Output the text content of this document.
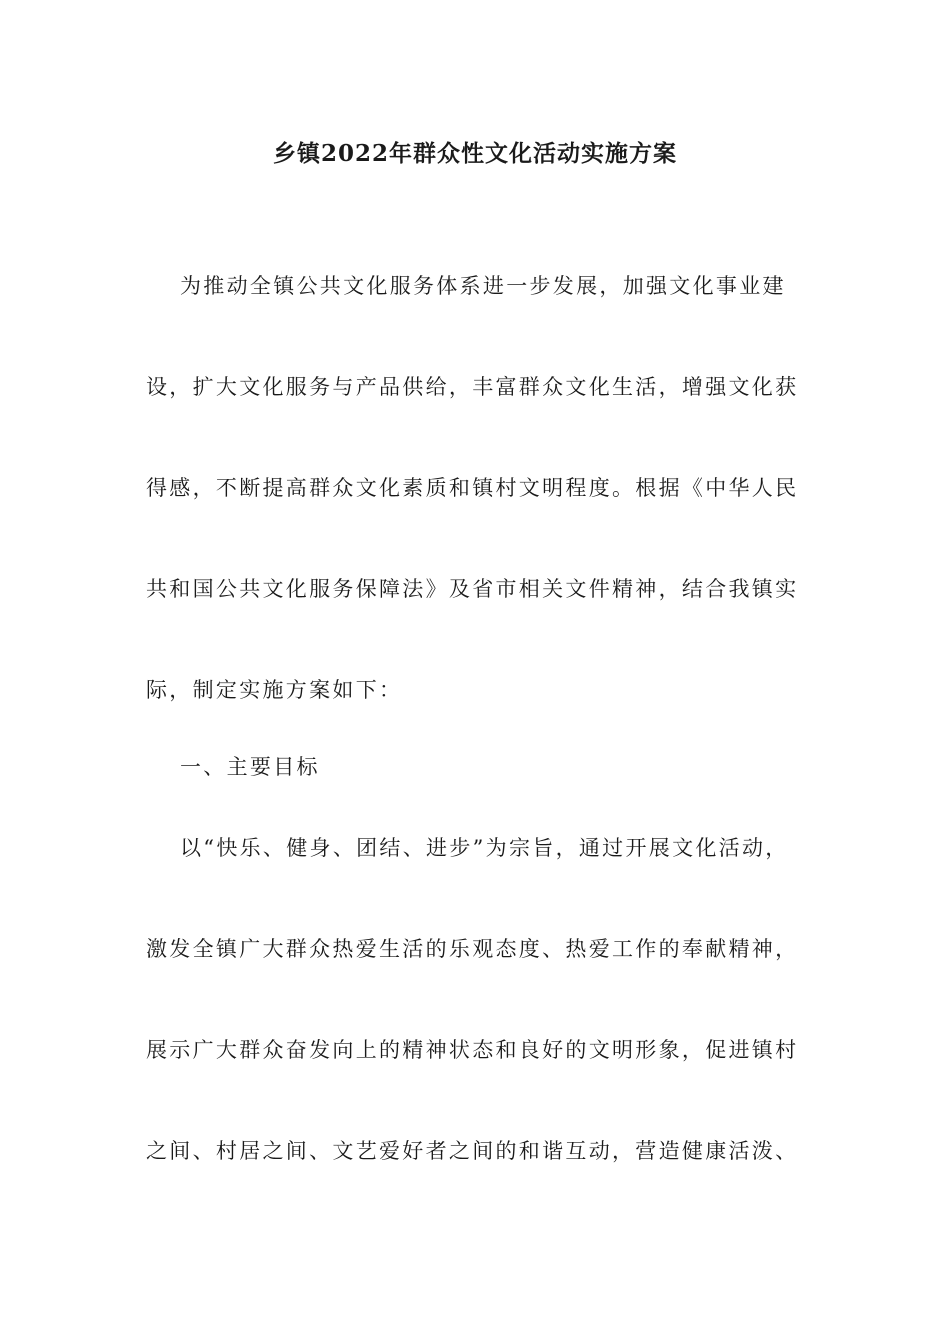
乡镇2022年群众性文化活动实施方案
为推动全镇公共文化服务体系进一步发展，加强文化事业建
设，扩大文化服务与产品供给，丰富群众文化生活，增强文化获
得感，不断提高群众文化素质和镇村文明程度。根据《中华人民
共和国公共文化服务保障法》及省市相关文件精神，结合我镇实
际，制定实施方案如下：
一、主要目标
以“快乐、健身、团结、进步”为宗旨，通过开展文化活动，
激发全镇广大群众热爱生活的乐观态度、热爱工作的奉献精神，
展示广大群众奋发向上的精神状态和良好的文明形象，促进镇村
之间、村居之间、文艺爱好者之间的和谐互动，营造健康活泼、
